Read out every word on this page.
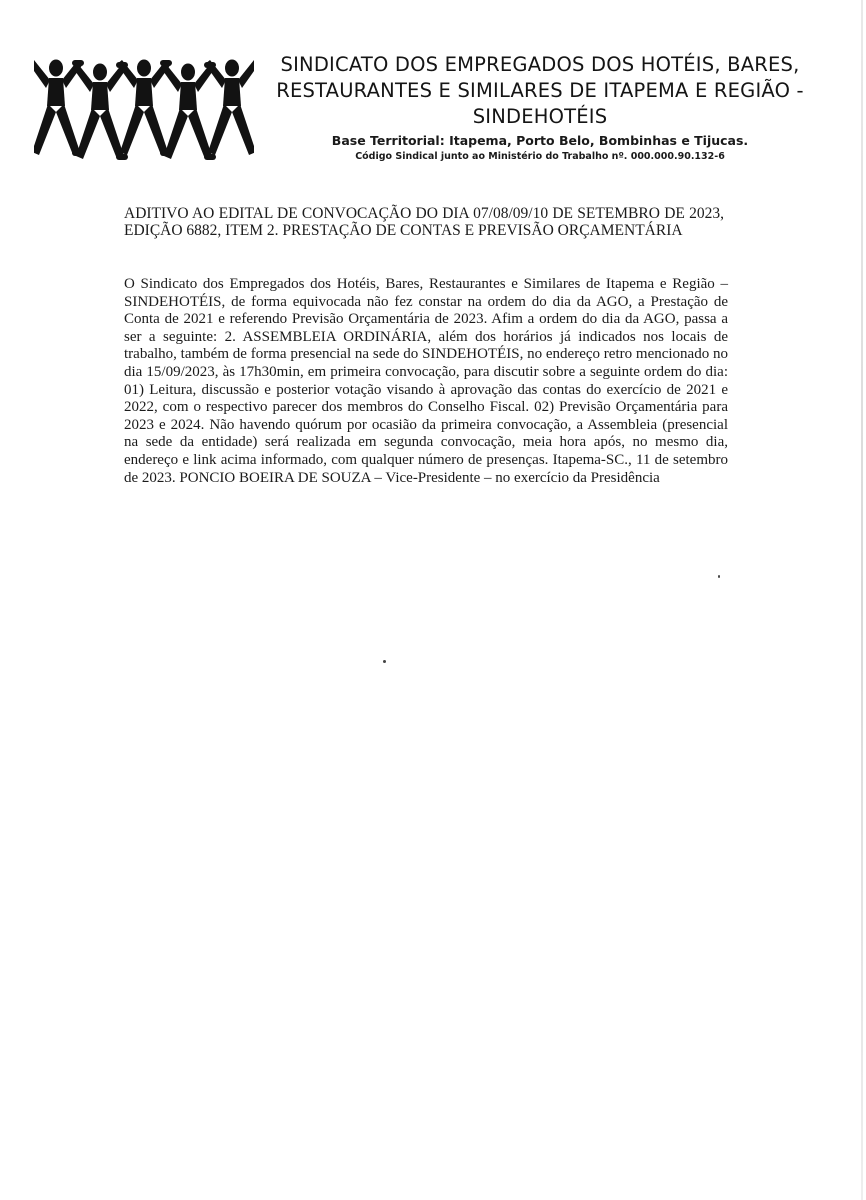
SINDICATO DOS EMPREGADOS DOS HOTÉIS, BARES, RESTAURANTES E SIMILARES DE ITAPEMA E REGIÃO - SINDEHOTÉIS
Base Territorial: Itapema, Porto Belo, Bombinhas e Tijucas.
Código Sindical junto ao Ministério do Trabalho nº. 000.000.90.132-6
ADITIVO AO EDITAL DE CONVOCAÇÃO DO DIA 07/08/09/10 DE SETEMBRO DE 2023, EDIÇÃO 6882, ITEM 2. PRESTAÇÃO DE CONTAS E PREVISÃO ORÇAMENTÁRIA
O Sindicato dos Empregados dos Hotéis, Bares, Restaurantes e Similares de Itapema e Região – SINDEHOTÉIS, de forma equivocada não fez constar na ordem do dia da AGO, a Prestação de Conta de 2021 e referendo Previsão Orçamentária de 2023. Afim a ordem do dia da AGO, passa a ser a seguinte: 2. ASSEMBLEIA ORDINÁRIA, além dos horários já indicados nos locais de trabalho, também de forma presencial na sede do SINDEHOTÉIS, no endereço retro mencionado no dia 15/09/2023, às 17h30min, em primeira convocação, para discutir sobre a seguinte ordem do dia: 01) Leitura, discussão e posterior votação visando à aprovação das contas do exercício de 2021 e 2022, com o respectivo parecer dos membros do Conselho Fiscal. 02) Previsão Orçamentária para 2023 e 2024. Não havendo quórum por ocasião da primeira convocação, a Assembleia (presencial na sede da entidade) será realizada em segunda convocação, meia hora após, no mesmo dia, endereço e link acima informado, com qualquer número de presenças. Itapema-SC., 11 de setembro de 2023. PONCIO BOEIRA DE SOUZA – Vice-Presidente – no exercício da Presidência
